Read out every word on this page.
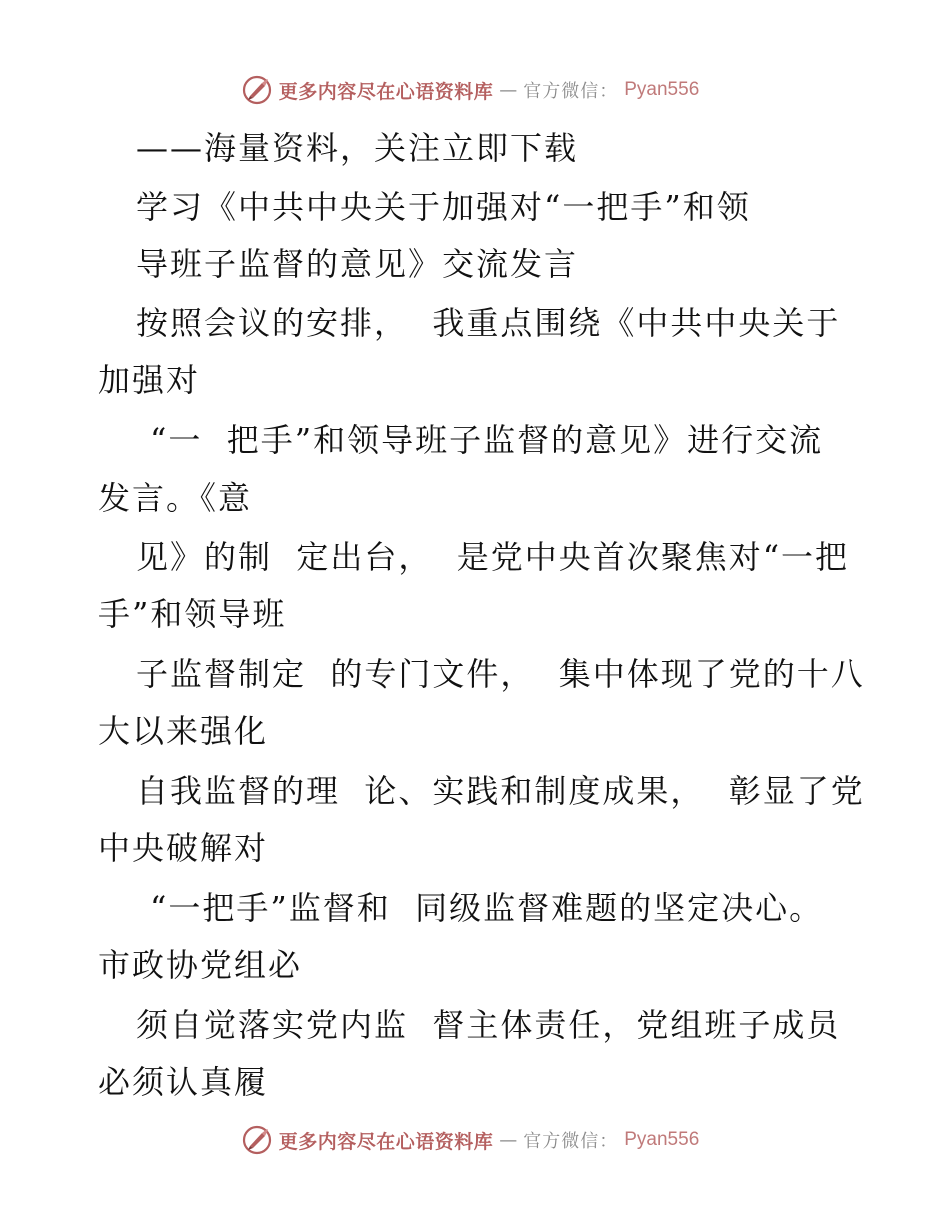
更多内容尽在心语资料库 — 官方微信： Pyan556
——海量资料，关注立即下载
学习《中共中央关于加强对“一把手”和领
导班子监督的意见》交流发言
按照会议的安排，  我重点围绕《中共中央关于
加强对
“一  把手”和领导班子监督的意见》进行交流
发言。《意
见》的制  定出台，  是党中央首次聚焦对“一把
手”和领导班
子监督制定  的专门文件，  集中体现了党的十八
大以来强化
自我监督的理  论、实践和制度成果，  彰显了党
中央破解对
“一把手”监督和  同级监督难题的坚定决心。
市政协党组必
须自觉落实党内监  督主体责任，党组班子成员
必须认真履
更多内容尽在心语资料库 — 官方微信： Pyan556
